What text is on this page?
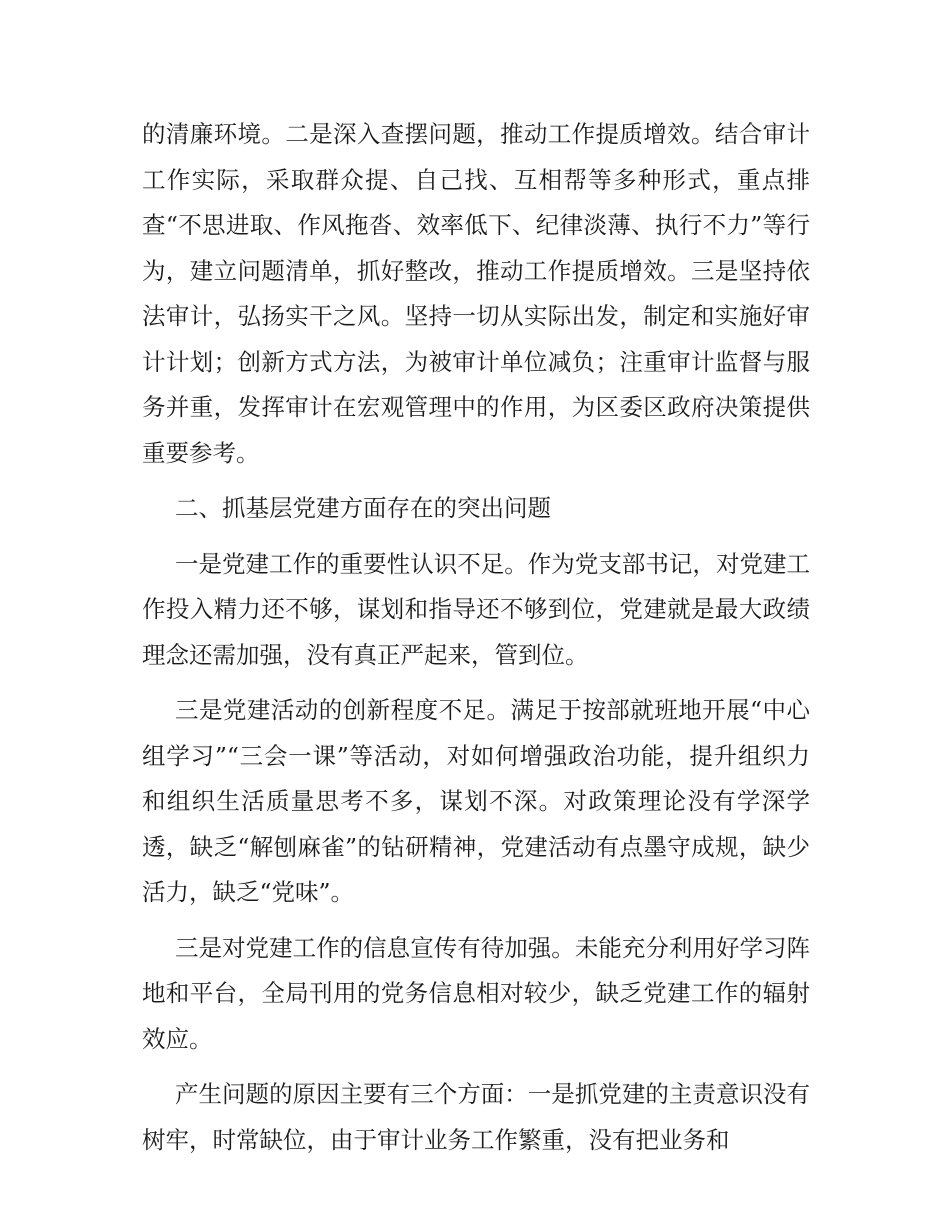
的清廉环境。二是深入查摆问题，推动工作提质增效。结合审计工作实际，采取群众提、自己找、互相帮等多种形式，重点排查“不思进取、作风拖沓、效率低下、纪律淡薄、执行不力”等行为，建立问题清单，抓好整改，推动工作提质增效。三是坚持依法审计，弘扬实干之风。坚持一切从实际出发，制定和实施好审计计划；创新方式方法，为被审计单位减负；注重审计监督与服务并重，发挥审计在宏观管理中的作用，为区委区政府决策提供重要参考。

二、抓基层党建方面存在的突出问题

一是党建工作的重要性认识不足。作为党支部书记，对党建工作投入精力还不够，谋划和指导还不够到位，党建就是最大政绩理念还需加强，没有真正严起来，管到位。

三是党建活动的创新程度不足。满足于按部就班地开展“中心组学习”“三会一课”等活动，对如何增强政治功能，提升组织力和组织生活质量思考不多，谋划不深。对政策理论没有学深学透，缺乏“解刨麻雀”的钻研精神，党建活动有点墨守成规，缺少活力，缺乏“党味”。

三是对党建工作的信息宣传有待加强。未能充分利用好学习阵地和平台，全局刊用的党务信息相对较少，缺乏党建工作的辐射效应。

产生问题的原因主要有三个方面：一是抓党建的主责意识没有树牢，时常缺位，由于审计业务工作繁重，没有把业务和
